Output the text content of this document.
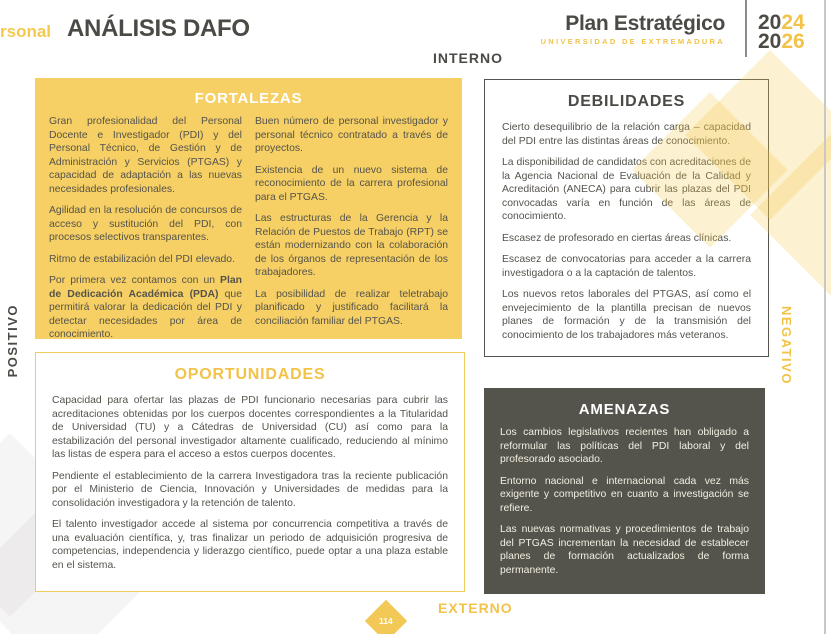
rsonal ANÁLISIS DAFO	Plan Estratégico
UNIVERSIDAD DE EXTREMADURA
2024
2026
INTERNO
EXTERNO
POSITIVO	NEGATIVO
FORTALEZAS

Gran profesionalidad del Personal Docente e Investigador (PDI) y del Personal Técnico, de Gestión y de Administración y Servicios (PTGAS) y capacidad de adaptación a las nuevas necesidades profesionales.

Agilidad en la resolución de concursos de acceso y sustitución del PDI, con procesos selectivos transparentes.

Ritmo de estabilización del PDI elevado.

Por primera vez contamos con un Plan de Dedicación Académica (PDA) que permitirá valorar la dedicación del PDI y detectar necesidades por área de conocimiento.

Buen número de personal investigador y personal técnico contratado a través de proyectos.

Existencia de un nuevo sistema de reconocimiento de la carrera profesional para el PTGAS.

Las estructuras de la Gerencia y la Relación de Puestos de Trabajo (RPT) se están modernizando con la colaboración de los órganos de representación de los trabajadores.

La posibilidad de realizar teletrabajo planificado y justificado facilitará la conciliación familiar del PTGAS.

DEBILIDADES

Cierto desequilibrio de la relación carga – capacidad del PDI entre las distintas áreas de conocimiento.

La disponibilidad de candidatos con acreditaciones de la Agencia Nacional de Evaluación de la Calidad y Acreditación (ANECA) para cubrir las plazas del PDI convocadas varía en función de las áreas de conocimiento.

Escasez de profesorado en ciertas áreas clínicas.

Escasez de convocatorias para acceder a la carrera investigadora o a la captación de talentos.

Los nuevos retos laborales del PTGAS, así como el envejecimiento de la plantilla precisan de nuevos planes de formación y de la transmisión del conocimiento de los trabajadores más veteranos.

OPORTUNIDADES

Capacidad para ofertar las plazas de PDI funcionario necesarias para cubrir las acreditaciones obtenidas por los cuerpos docentes correspondientes a la Titularidad de Universidad (TU) y a Cátedras de Universidad (CU) así como para la estabilización del personal investigador altamente cualificado, reduciendo al mínimo las listas de espera para el acceso a estos cuerpos docentes.

Pendiente el establecimiento de la carrera Investigadora tras la reciente publicación por el Ministerio de Ciencia, Innovación y Universidades de medidas para la consolidación investigadora y la retención de talento.

El talento investigador accede al sistema por concurrencia competitiva a través de una evaluación científica, y, tras finalizar un periodo de adquisición progresiva de competencias, independencia y liderazgo científico, puede optar a una plaza estable en el sistema.

AMENAZAS

Los cambios legislativos recientes han obligado a reformular las políticas del PDI laboral y del profesorado asociado.

Entorno nacional e internacional cada vez más exigente y competitivo en cuanto a investigación se refiere.

Las nuevas normativas y procedimientos de trabajo del PTGAS incrementan la necesidad de establecer planes de formación actualizados de forma permanente.

114
